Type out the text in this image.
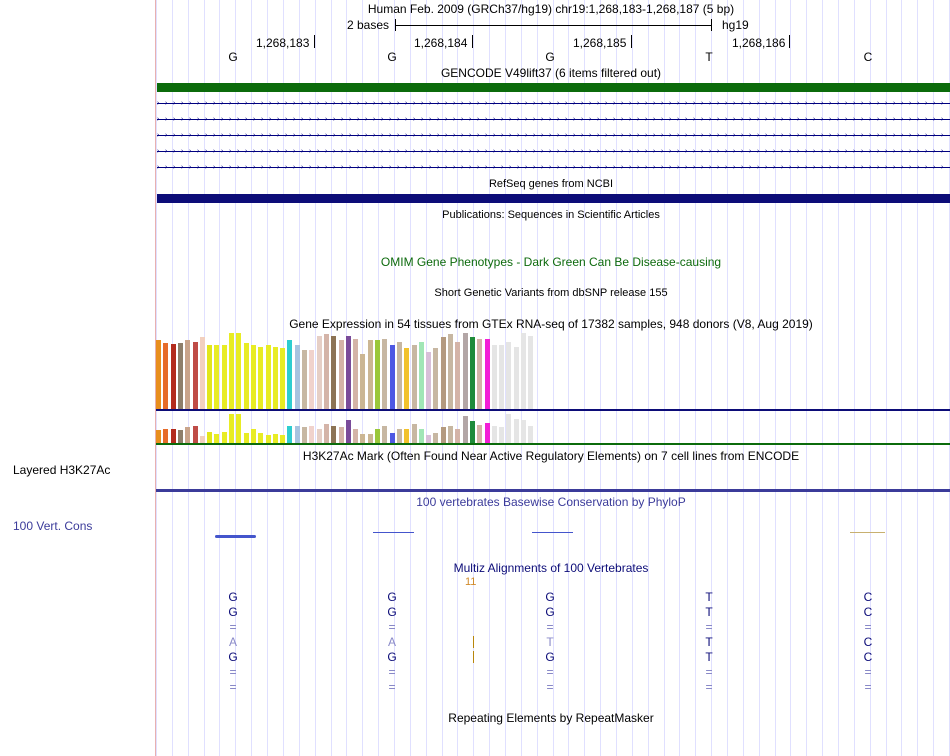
Layered H3K27Ac
100 Vert. Cons
Human Feb. 2009 (GRCh37/hg19) chr19:1,268,183-1,268,187 (5 bp)
2 bases	hg19
1,268,183	1,268,184	1,268,185	1,268,186
G	G	G	T	C
GENCODE V49lift37 (6 items filtered out)
› › › › › › › › › › › › › › › › › › › › › › › › › › › › › › › › › › › › › › › › › › › › › › › › › › › › › › › › › › › › › › › › › › › › › › › › › › › › › › › › › › › › › › › › › › › › › › › › › › ›
› › › › › › › › › › › › › › › › › › › › › › › › › › › › › › › › › › › › › › › › › › › › › › › › › › › › › › › › › › › › › › › › › › › › › › › › › › › › › › › › › › › › › › › › › › › › › › › › › › ›
› › › › › › › › › › › › › › › › › › › › › › › › › › › › › › › › › › › › › › › › › › › › › › › › › › › › › › › › › › › › › › › › › › › › › › › › › › › › › › › › › › › › › › › › › › › › › › › › › › ›
› › › › › › › › › › › › › › › › › › › › › › › › › › › › › › › › › › › › › › › › › › › › › › › › › › › › › › › › › › › › › › › › › › › › › › › › › › › › › › › › › › › › › › › › › › › › › › › › › › ›
› › › › › › › › › › › › › › › › › › › › › › › › › › › › › › › › › › › › › › › › › › › › › › › › › › › › › › › › › › › › › › › › › › › › › › › › › › › › › › › › › › › › › › › › › › › › › › › › › › ›
RefSeq genes from NCBI
Publications: Sequences in Scientific Articles
OMIM Gene Phenotypes - Dark Green Can Be Disease-causing
Short Genetic Variants from dbSNP release 155
Gene Expression in 54 tissues from GTEx RNA-seq of 17382 samples, 948 donors (V8, Aug 2019)
H3K27Ac Mark (Often Found Near Active Regulatory Elements) on 7 cell lines from ENCODE
100 vertebrates Basewise Conservation by PhyloP
Multiz Alignments of 100 Vertebrates
11
G	G	G	T	C
G	G	G	T	C
=	=	=	=	=
A	A	T	T	C
G	G	G	T	C
=	=	=	=	=
=	=	=	=	=
Repeating Elements by RepeatMasker
